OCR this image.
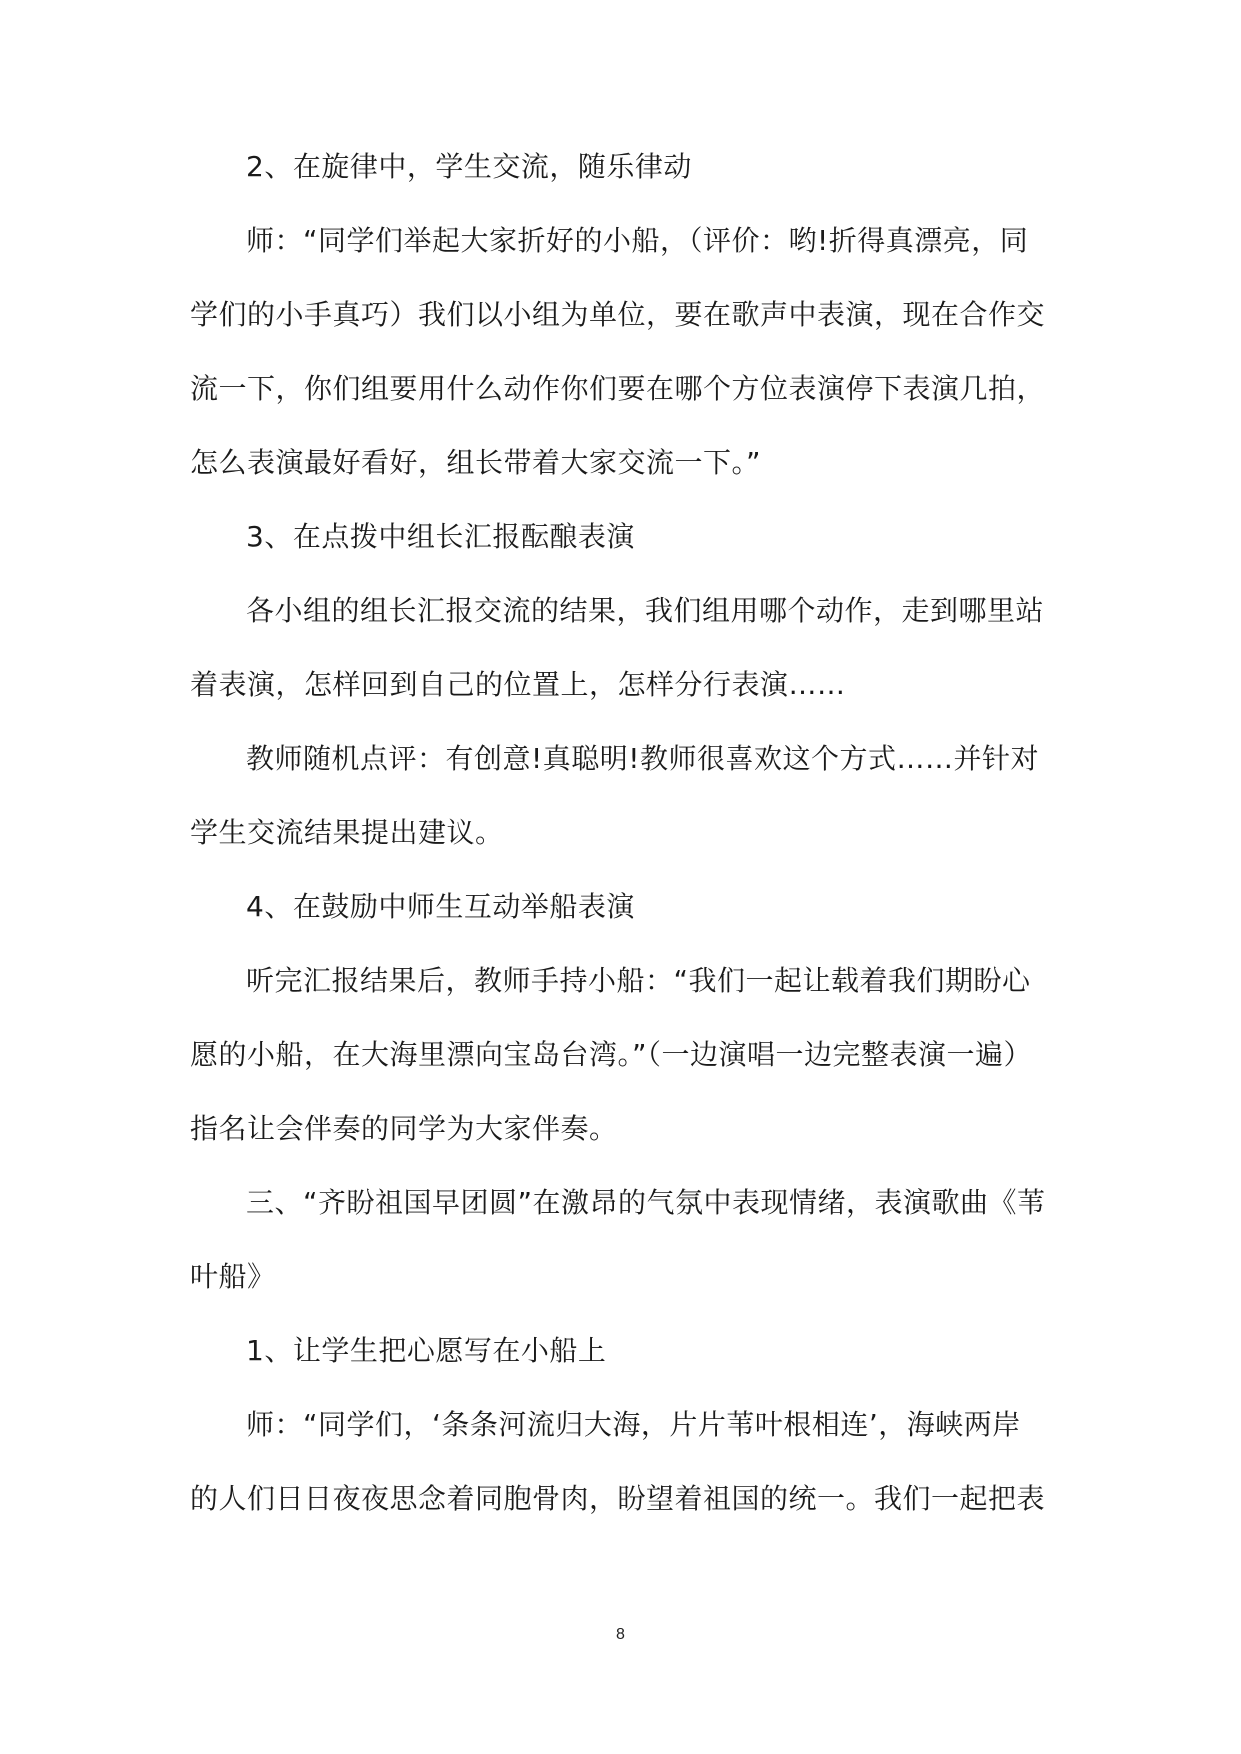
2、在旋律中，学生交流，随乐律动

师：“同学们举起大家折好的小船，（评价：哟!折得真漂亮，同

学们的小手真巧）我们以小组为单位，要在歌声中表演，现在合作交

流一下，你们组要用什么动作你们要在哪个方位表演停下表演几拍，

怎么表演最好看好，组长带着大家交流一下。”

3、在点拨中组长汇报酝酿表演

各小组的组长汇报交流的结果，我们组用哪个动作，走到哪里站

着表演，怎样回到自己的位置上，怎样分行表演……

教师随机点评：有创意!真聪明!教师很喜欢这个方式……并针对

学生交流结果提出建议。

4、在鼓励中师生互动举船表演

听完汇报结果后，教师手持小船：“我们一起让载着我们期盼心

愿的小船，在大海里漂向宝岛台湾。”（一边演唱一边完整表演一遍）

指名让会伴奏的同学为大家伴奏。

三、“齐盼祖国早团圆”在激昂的气氛中表现情绪，表演歌曲《苇

叶船》

1、让学生把心愿写在小船上

师：“同学们，‘条条河流归大海，片片苇叶根相连’，海峡两岸

的人们日日夜夜思念着同胞骨肉，盼望着祖国的统一。我们一起把表

8
